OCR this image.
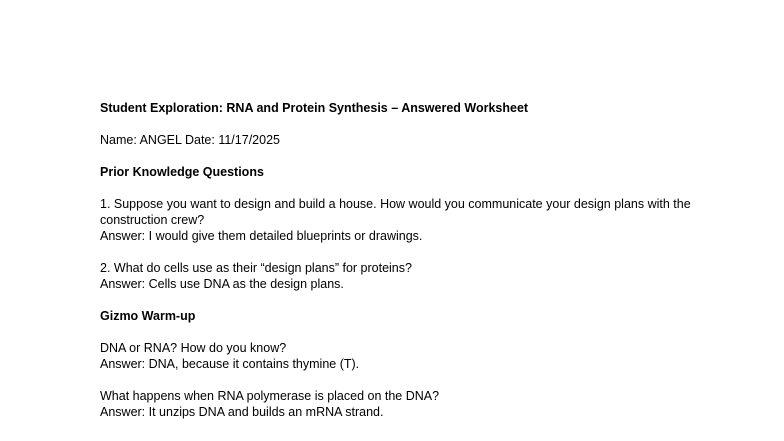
Student Exploration: RNA and Protein Synthesis – Answered Worksheet

Name: ANGEL Date: 11/17/2025

Prior Knowledge Questions

1. Suppose you want to design and build a house. How would you communicate your design plans with the construction crew?

Answer: I would give them detailed blueprints or drawings.

2. What do cells use as their “design plans” for proteins?

Answer: Cells use DNA as the design plans.

Gizmo Warm-up

DNA or RNA? How do you know?

Answer: DNA, because it contains thymine (T).

What happens when RNA polymerase is placed on the DNA?

Answer: It unzips DNA and builds an mRNA strand.
